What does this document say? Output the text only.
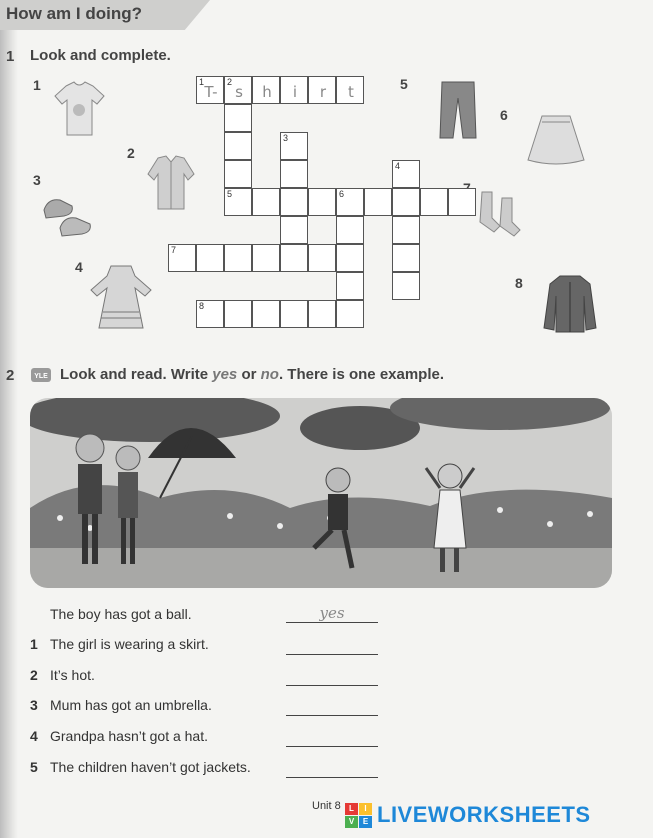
How am I doing?
1 Look and complete.
1
2
3
4
5
6
8
1
T-
2
s	h	i	r	t
5
3
6
4
7
8
2	YLE Look and read. Write yes or no. There is one example.
The boy has got a ball.	yes
1 The girl is wearing a skirt.
2 It’s hot.
3 Mum has got an umbrella.
4 Grandpa hasn’t got a hat.
5 The children haven’t got jackets.
Unit 8	L	I
V	E LIVEWORKSHEETS
